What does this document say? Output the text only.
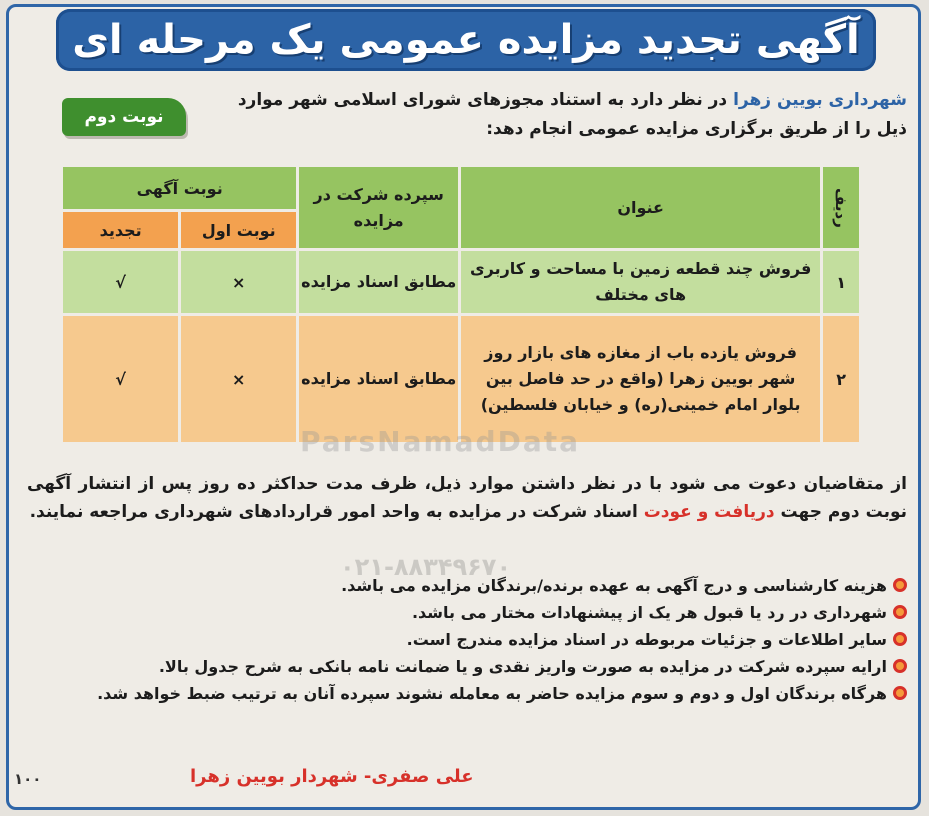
آگهی تجدید مزایده عمومی یک مرحله ای
نوبت دوم
شهرداری بویین زهرا در نظر دارد به استناد مجوزهای شورای اسلامی شهر موارد ذیل را از طریق برگزاری مزایده عمومی انجام دهد:
ردیف	عنوان	سپرده شرکت در مزایده	نوبت آگهی	
			نوبت اول	تجدید
۱	فروش چند قطعه زمین با مساحت و کاربری های مختلف	مطابق اسناد مزایده	×	√
۲	فروش یازده باب از مغازه های بازار روز شهر بویین زهرا (واقع در حد فاصل بین بلوار امام خمینی(ره) و خیابان فلسطین)	مطابق اسناد مزایده	×	√
ParsNamadData
از متقاضیان دعوت می شود با در نظر داشتن موارد ذیل، ظرف مدت حداکثر ده روز پس از انتشار آگهی نوبت دوم جهت دریافت و عودت اسناد شرکت در مزایده به واحد امور قراردادهای شهرداری مراجعه نمایند.
۰۲۱-۸۸۳۴۹۶۷۰
هزینه کارشناسی و درج آگهی به عهده برنده/برندگان مزایده می باشد.
شهرداری در رد یا قبول هر یک از پیشنهادات مختار می باشد.
سایر اطلاعات و جزئیات مربوطه در اسناد مزایده مندرج است.
ارایه سپرده شرکت در مزایده به صورت واریز نقدی و یا ضمانت نامه بانکی به شرح جدول بالا.
هرگاه برندگان اول و دوم و سوم مزایده حاضر به معامله نشوند سپرده آنان به ترتیب ضبط خواهد شد.
علی صفری- شهردار بویین زهرا
۱۰۰
